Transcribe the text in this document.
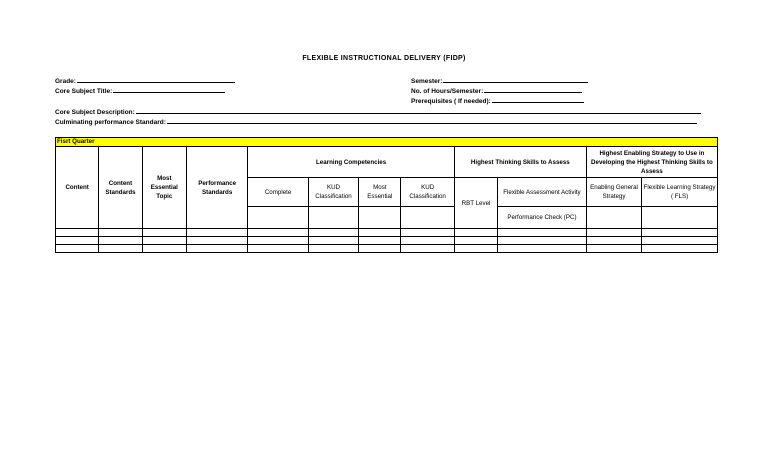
FLEXIBLE INSTRUCTIONAL DELIVERY (FIDP)
Grade:
Core Subject Title:
Semester:
No. of Hours/Semester:
Prerequisites ( If needed):
Core Subject Description:
Culminating performance Standard:
Fisrt Quarter											
Content	Content Standards	Most Essential Topic	Performance Standards	Learning Competencies				Highest Thinking Skills to Assess		Highest Enabling Strategy to Use in Developing the Highest Thinking Skills to Assess	
				Complete	KUD Classification	Most Essential	KUD Classification	RBT Level	Flexible Assessment Activity	Enabling General Strategy	Flexible Learning Strategy ( FLS)
									Performance Check (PC)		
